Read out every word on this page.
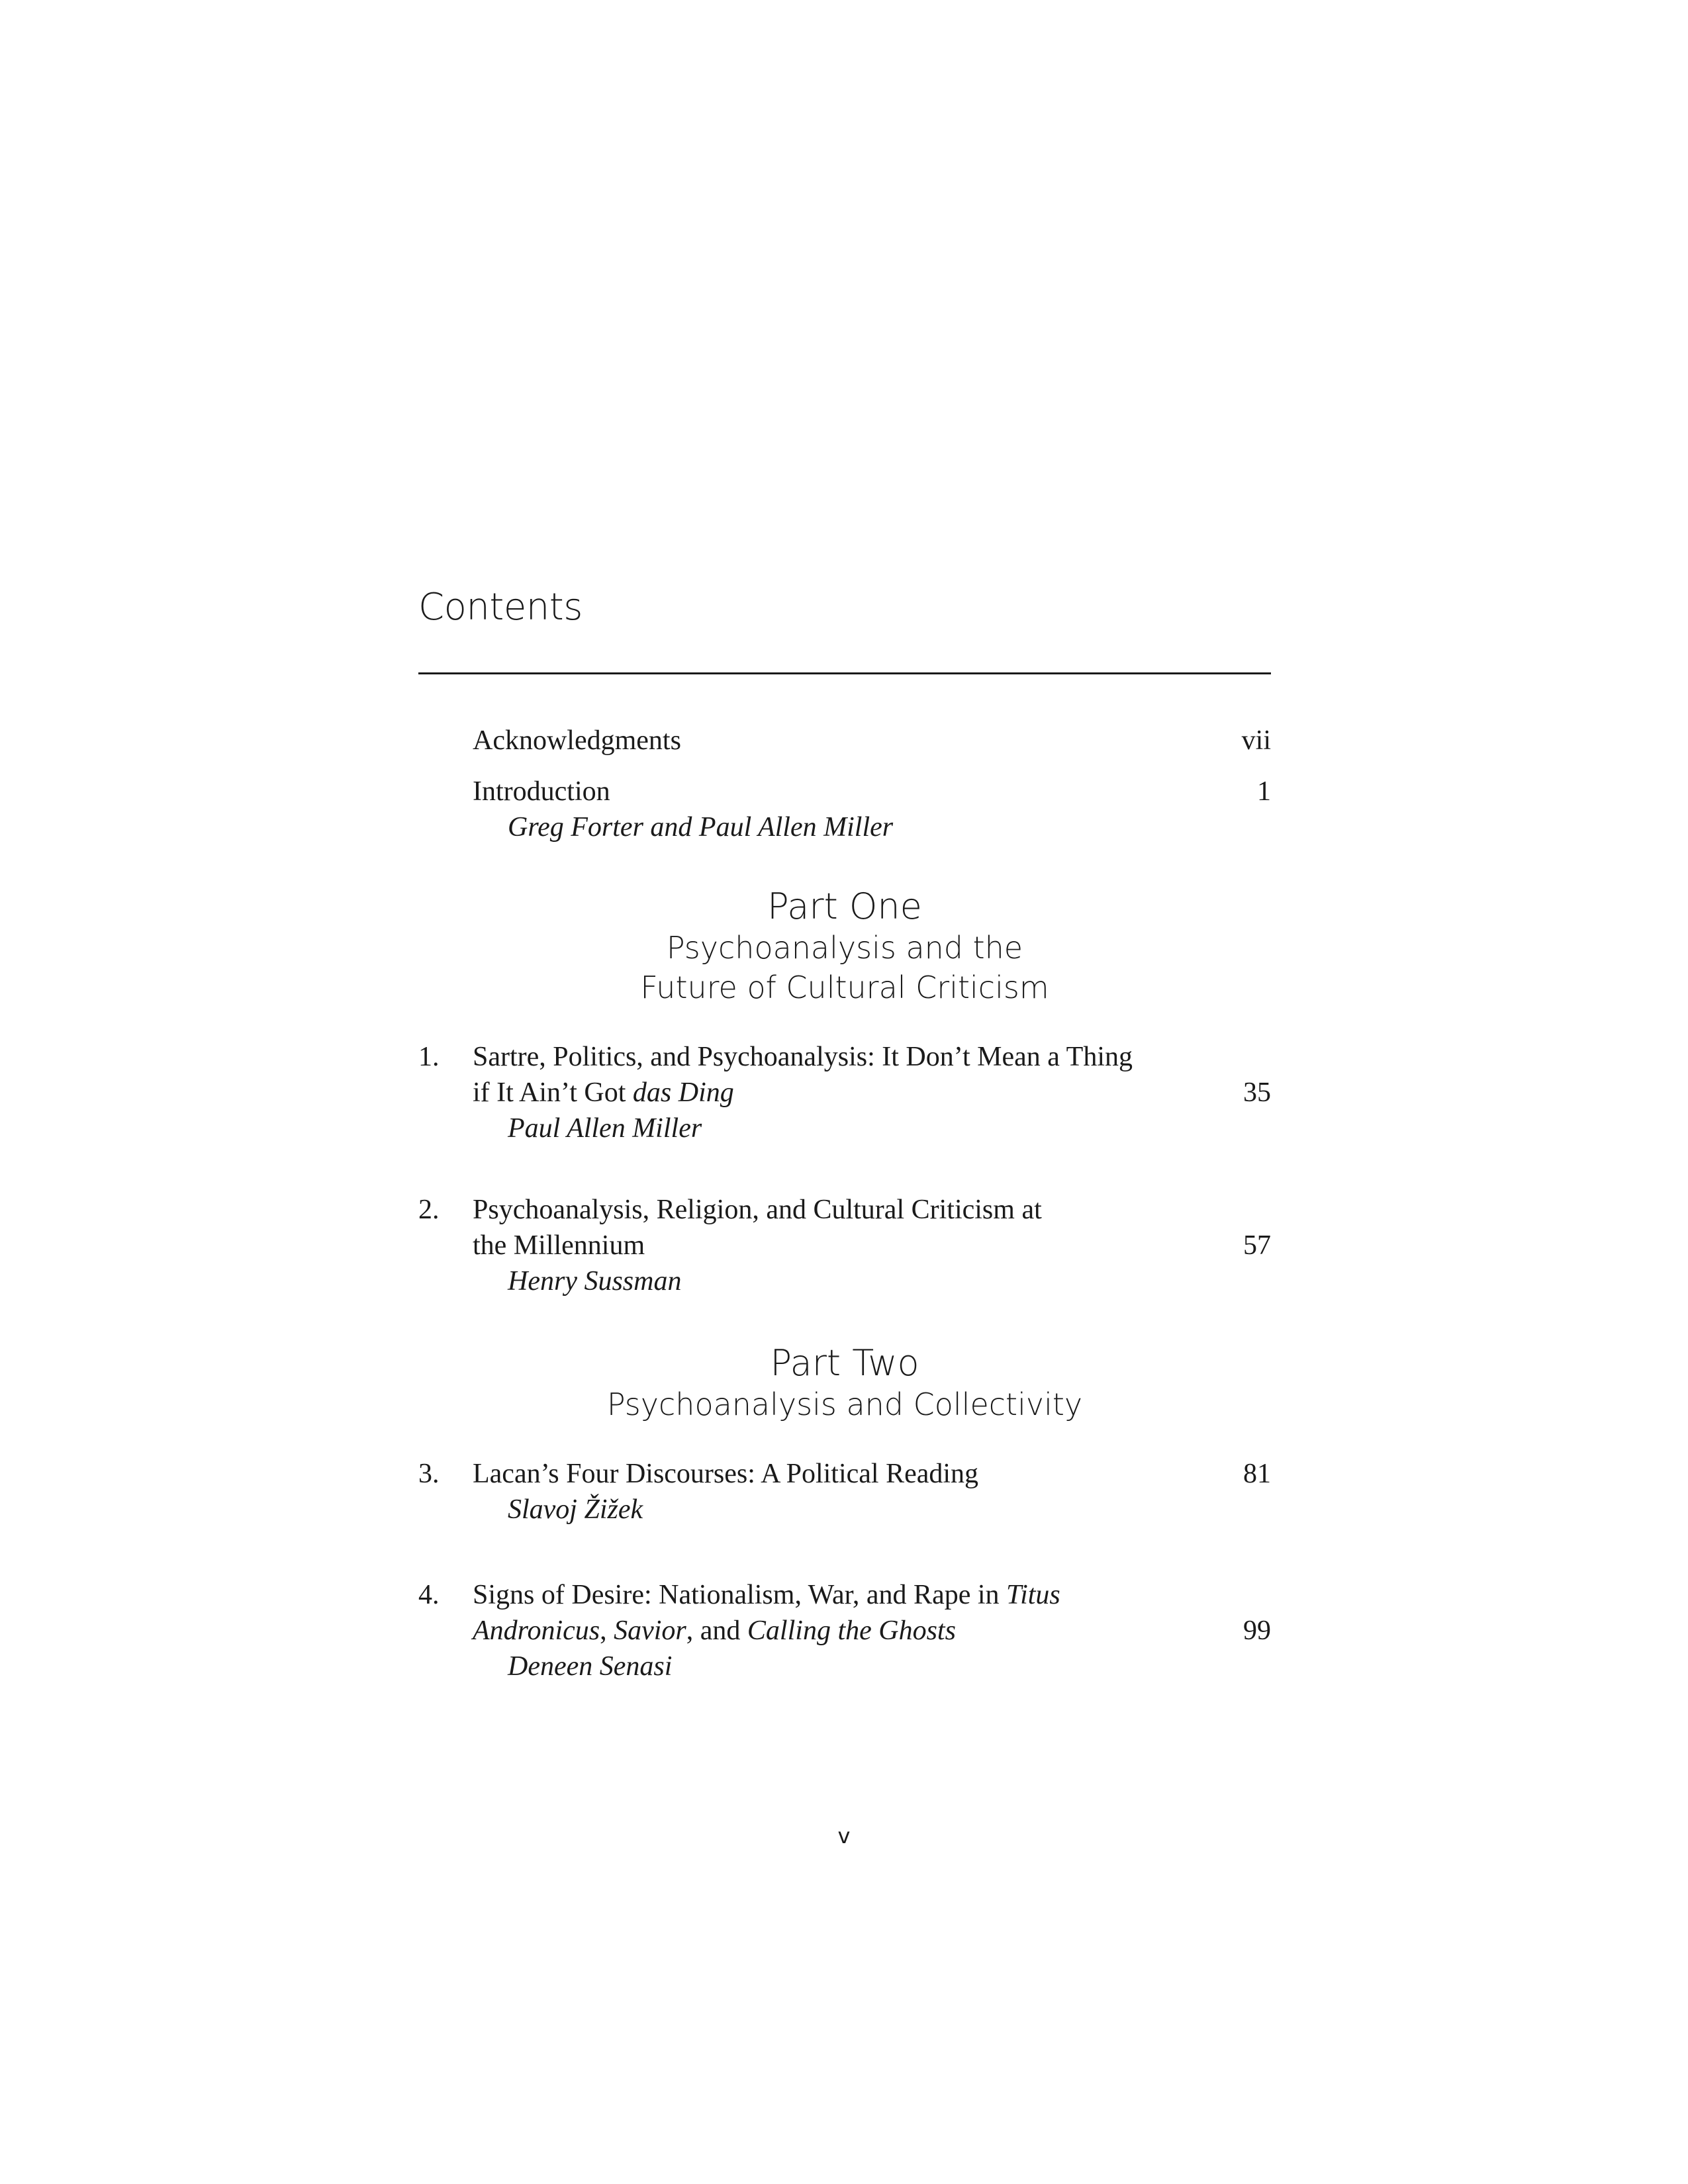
Contents
Acknowledgments	vii
Introduction	1
Greg Forter and Paul Allen Miller
Part One
Psychoanalysis and the
Future of Cultural Criticism
1. Sartre, Politics, and Psychoanalysis: It Don’t Mean a Thing
if It Ain’t Got das Ding	35
Paul Allen Miller
2. Psychoanalysis, Religion, and Cultural Criticism at
the Millennium	57
Henry Sussman
Part Two
Psychoanalysis and Collectivity
3. Lacan’s Four Discourses: A Political Reading	81
Slavoj Žižek
4. Signs of Desire: Nationalism, War, and Rape in Titus
Andronicus, Savior, and Calling the Ghosts	99
Deneen Senasi
v
